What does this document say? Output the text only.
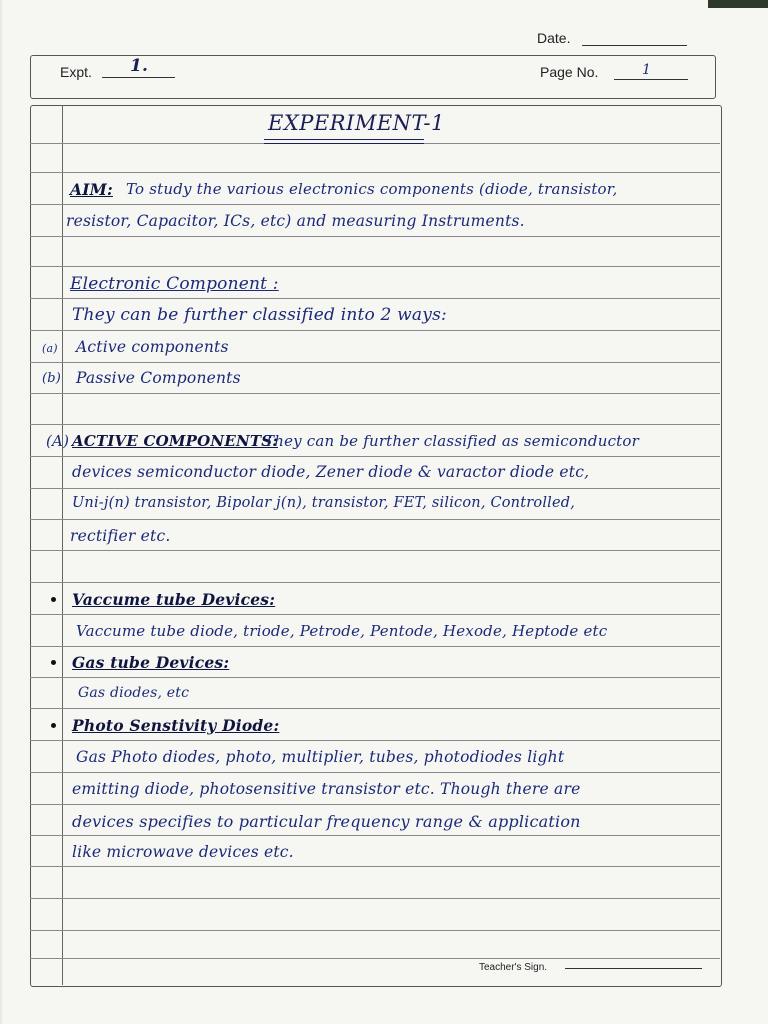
Date.
Expt. 1.	Page No.	1
EXPERIMENT-1
AIM: To study the various electronics components (diode, transistor,
resistor, Capacitor, ICs, etc) and measuring Instruments.
Electronic Component :
They can be further classified into 2 ways:
(a) Active components
(b) Passive Components
(A) ACTIVE COMPONENTS:
They can be further classified as semiconductor
devices semiconductor diode, Zener diode & varactor diode etc,
Uni-j(n) transistor, Bipolar j(n), transistor, FET, silicon, Controlled,
rectifier etc.
Vaccume tube Devices:
Vaccume tube diode, triode, Petrode, Pentode, Hexode, Heptode etc
Gas tube Devices:
Gas diodes, etc
Photo Senstivity Diode:
Gas Photo diodes, photo, multiplier, tubes, photodiodes light
emitting diode, photosensitive transistor etc. Though there are
devices specifies to particular frequency range & application
like microwave devices etc.
Teacher's Sign.
